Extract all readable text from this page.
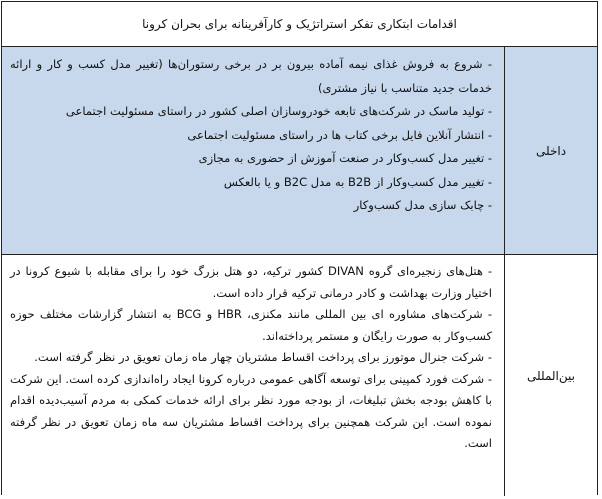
اقدامات ابتکاری تفکر استراتژیک و کارآفرینانه برای بحران کرونا
داخلی

- شروع به فروش غذای نیمه آماده بیرون بر در برخی رستوران‌ها (تغییر مدل کسب و کار و ارائه خدمات جدید متناسب با نیاز مشتری)

- تولید ماسک در شرکت‌های تابعه خودروسازان اصلی کشور در راستای مسئولیت اجتماعی

- انتشار آنلاین فایل برخی کتاب ها در راستای مسئولیت اجتماعی

- تغییر مدل کسب‌وکار در صنعت آموزش از حضوری به مجازی

- تغییر مدل کسب‌وکار از B2B به مدل B2C و یا بالعکس

- چابک سازی مدل کسب‌وکار

بین‌المللی

- هتل‌های زنجیره‌ای گروه DIVAN کشور ترکیه، دو هتل بزرگ خود را برای مقابله با شیوع کرونا در اختیار وزارت بهداشت و کادر درمانی ترکیه قرار داده است.

- شرکت‌های مشاوره ای بین المللی مانند مکنزی، HBR و BCG به انتشار گزارشات مختلف حوزه کسب‌وکار به صورت رایگان و مستمر پرداخته‌اند.

- شرکت جنرال موتورز برای پرداخت اقساط مشتریان چهار ماه زمان تعویق در نظر گرفته است.

- شرکت فورد کمپینی برای توسعه آگاهی عمومی درباره کرونا ایجاد راه‌اندازی کرده است. این شرکت با کاهش بودجه بخش تبلیغات، از بودجه مورد نظر برای ارائه خدمات کمکی به مردم آسیب‌دیده اقدام نموده است. این شرکت همچنین برای پرداخت اقساط مشتریان سه ماه زمان تعویق در نظر گرفته است.
